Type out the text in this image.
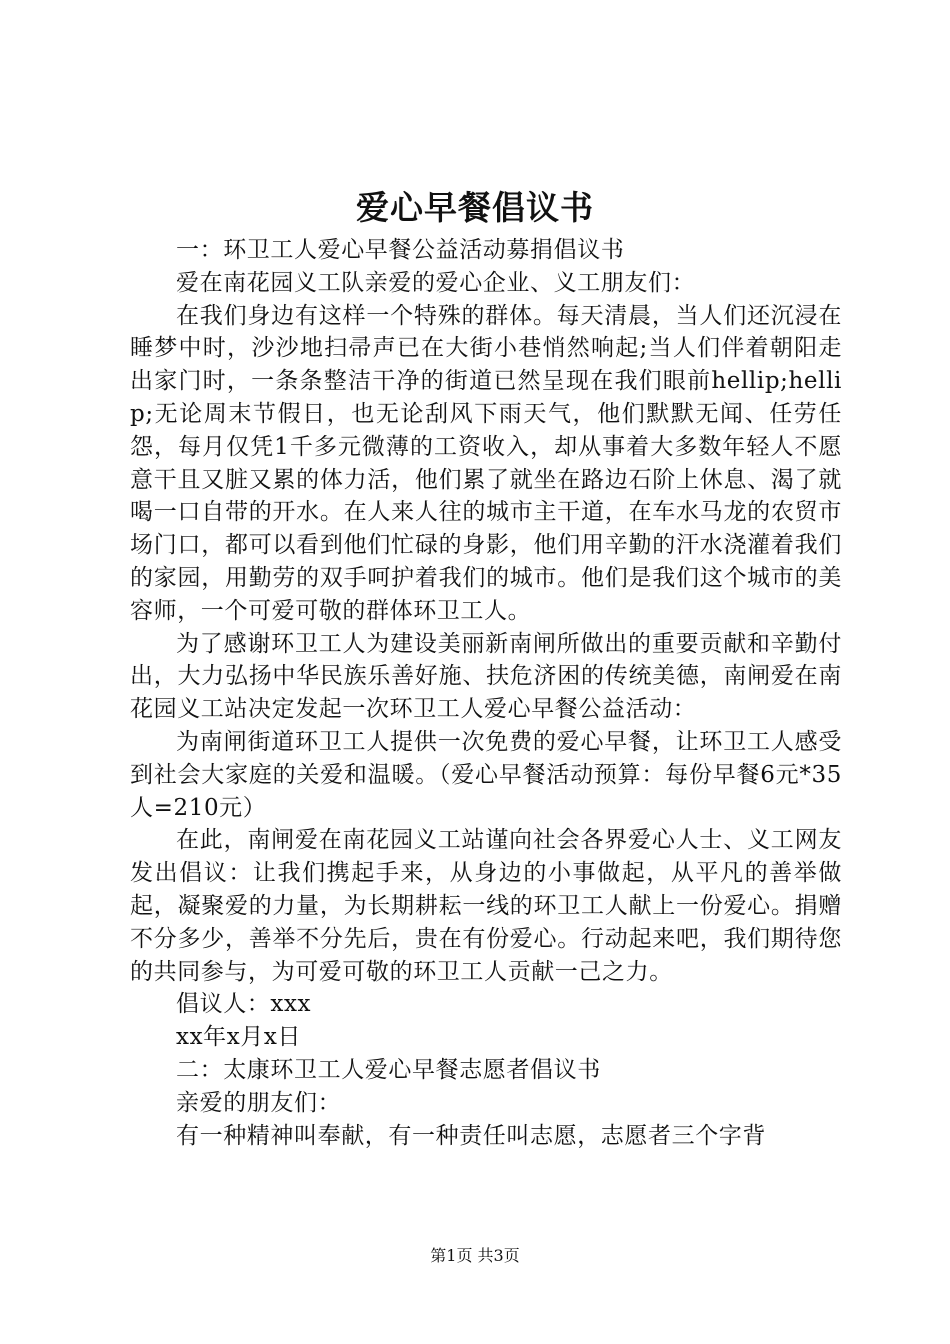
爱心早餐倡议书

一：环卫工人爱心早餐公益活动募捐倡议书

爱在南花园义工队亲爱的爱心企业、义工朋友们：

在我们身边有这样一个特殊的群体。每天清晨，当人们还沉浸在睡梦中时，沙沙地扫帚声已在大街小巷悄然响起;当人们伴着朝阳走出家门时，一条条整洁干净的街道已然呈现在我们眼前hellip;hellip;无论周末节假日，也无论刮风下雨天气，他们默默无闻、任劳任怨，每月仅凭1千多元微薄的工资收入，却从事着大多数年轻人不愿意干且又脏又累的体力活，他们累了就坐在路边石阶上休息、渴了就喝一口自带的开水。在人来人往的城市主干道，在车水马龙的农贸市场门口，都可以看到他们忙碌的身影，他们用辛勤的汗水浇灌着我们的家园，用勤劳的双手呵护着我们的城市。他们是我们这个城市的美容师，一个可爱可敬的群体环卫工人。

为了感谢环卫工人为建设美丽新南闸所做出的重要贡献和辛勤付出，大力弘扬中华民族乐善好施、扶危济困的传统美德，南闸爱在南花园义工站决定发起一次环卫工人爱心早餐公益活动：

为南闸街道环卫工人提供一次免费的爱心早餐，让环卫工人感受到社会大家庭的关爱和温暖。（爱心早餐活动预算：每份早餐6元*35人=210元）

在此，南闸爱在南花园义工站谨向社会各界爱心人士、义工网友发出倡议：让我们携起手来，从身边的小事做起，从平凡的善举做起，凝聚爱的力量，为长期耕耘一线的环卫工人献上一份爱心。捐赠不分多少，善举不分先后，贵在有份爱心。行动起来吧，我们期待您的共同参与，为可爱可敬的环卫工人贡献一己之力。

倡议人：xxx

xx年x月x日

二：太康环卫工人爱心早餐志愿者倡议书

亲爱的朋友们：

有一种精神叫奉献，有一种责任叫志愿，志愿者三个字背

第1页 共3页
